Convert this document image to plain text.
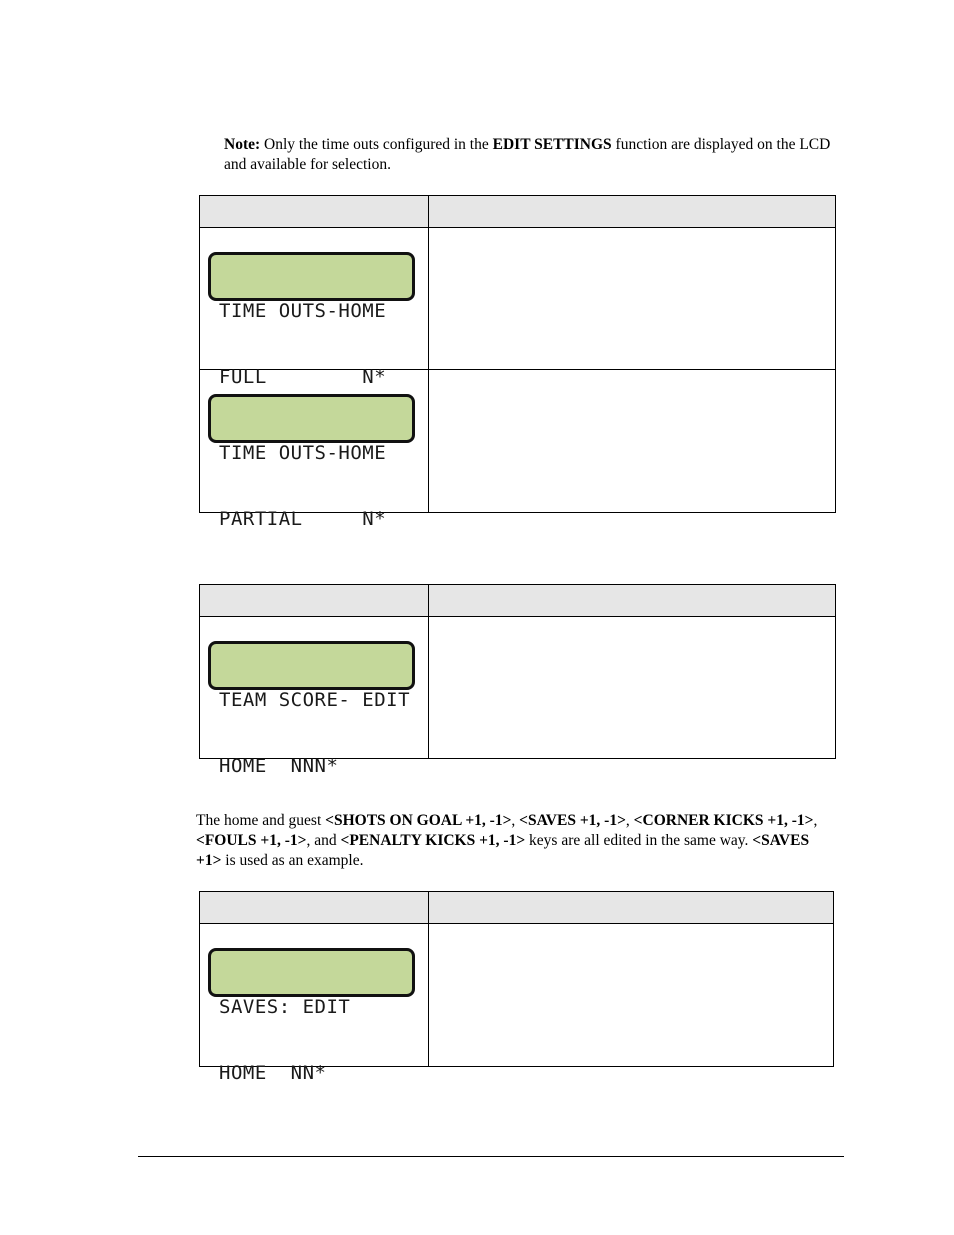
Note: Only the time outs configured in the EDIT SETTINGS function are displayed on the LCD and available for selection.

TIME OUTS-HOME

FULL        N*	

TIME OUTS-HOME

PARTIAL     N*	

TEAM SCORE- EDIT

HOME  NNN*	

The home and guest <SHOTS ON GOAL +1, -1>, <SAVES +1, -1>, <CORNER KICKS +1, -1>, <FOULS +1, -1>, and <PENALTY KICKS +1, -1> keys are all edited in the same way. <SAVES +1> is used as an example.

SAVES: EDIT

HOME  NN*	
